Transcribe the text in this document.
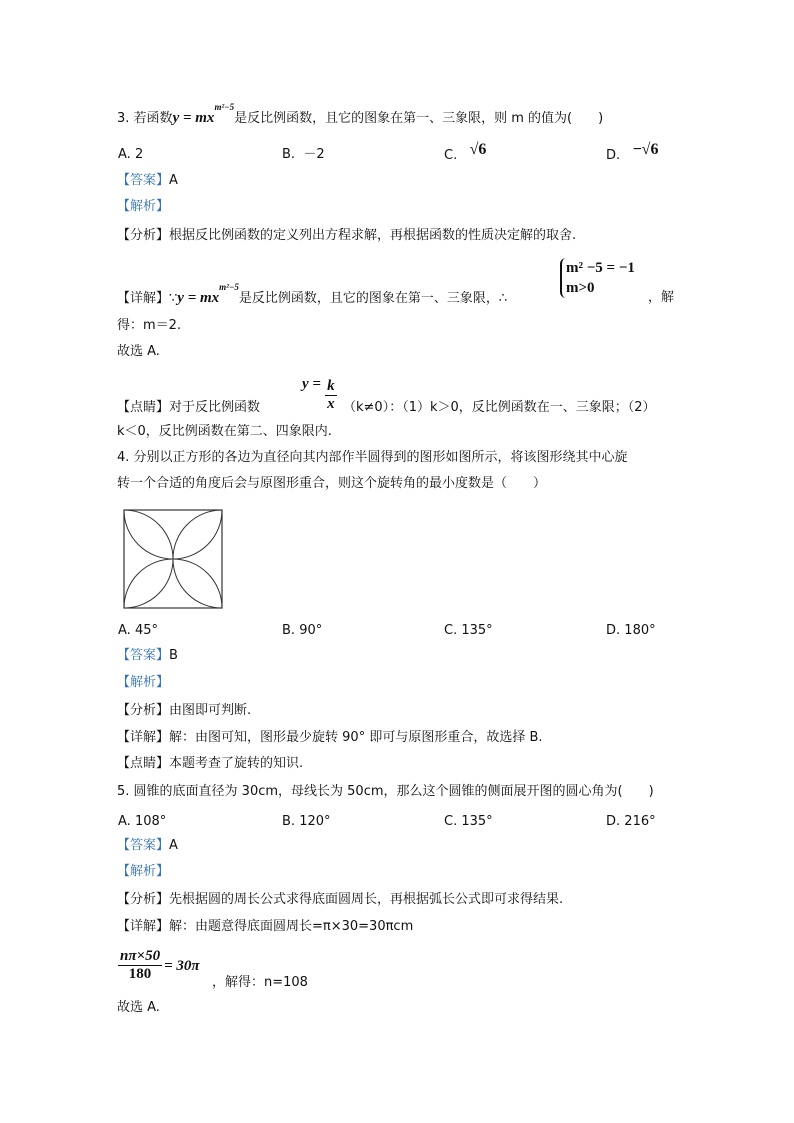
3. 若函数$y = mx^{m^2-5}$是反比例函数，且它的图象在第一、三象限，则 m 的值为(　　)
A. 2	B. －2	C. √6	D. −√6
【答案】A
【解析】
【分析】根据反比例函数的定义列出方程求解，再根据函数的性质决定解的取舍.
【详解】∵y = $mx^{m^2-5}$是反比例函数，且它的图象在第一、三象限，∴
m² −5 = −1
m>0
，解
得：m＝2.
故选 A.
【点睛】对于反比例函数
$y = \frac{k}{x} (k\ne 0)$：（1）k＞0，反比例函数在一、三象限；（2）
k＜0，反比例函数在第二、四象限内.
4. 分别以正方形的各边为直径向其内部作半圆得到的图形如图所示，将该图形绕其中心旋
转一个合适的角度后会与原图形重合，则这个旋转角的最小度数是（　　）
A. 45°	B. 90°	C. 135°	D. 180°
【答案】B
【解析】
【分析】由图即可判断.
【详解】解：由图可知，图形最少旋转 90° 即可与原图形重合，故选择 B.
【点睛】本题考查了旋转的知识.
5. 圆锥的底面直径为 30cm，母线长为 50cm，那么这个圆锥的侧面展开图的圆心角为(　　)
A. 108°	B. 120°	C. 135°	D. 216°
【答案】A
【解析】
【分析】先根据圆的周长公式求得底面圆周长，再根据弧长公式即可求得结果.
【详解】解：由题意得底面圆周长=π×30=30πcm
$\frac{n\pi\times 50}{180} = 30\pi$
，解得：n=108
故选 A.
